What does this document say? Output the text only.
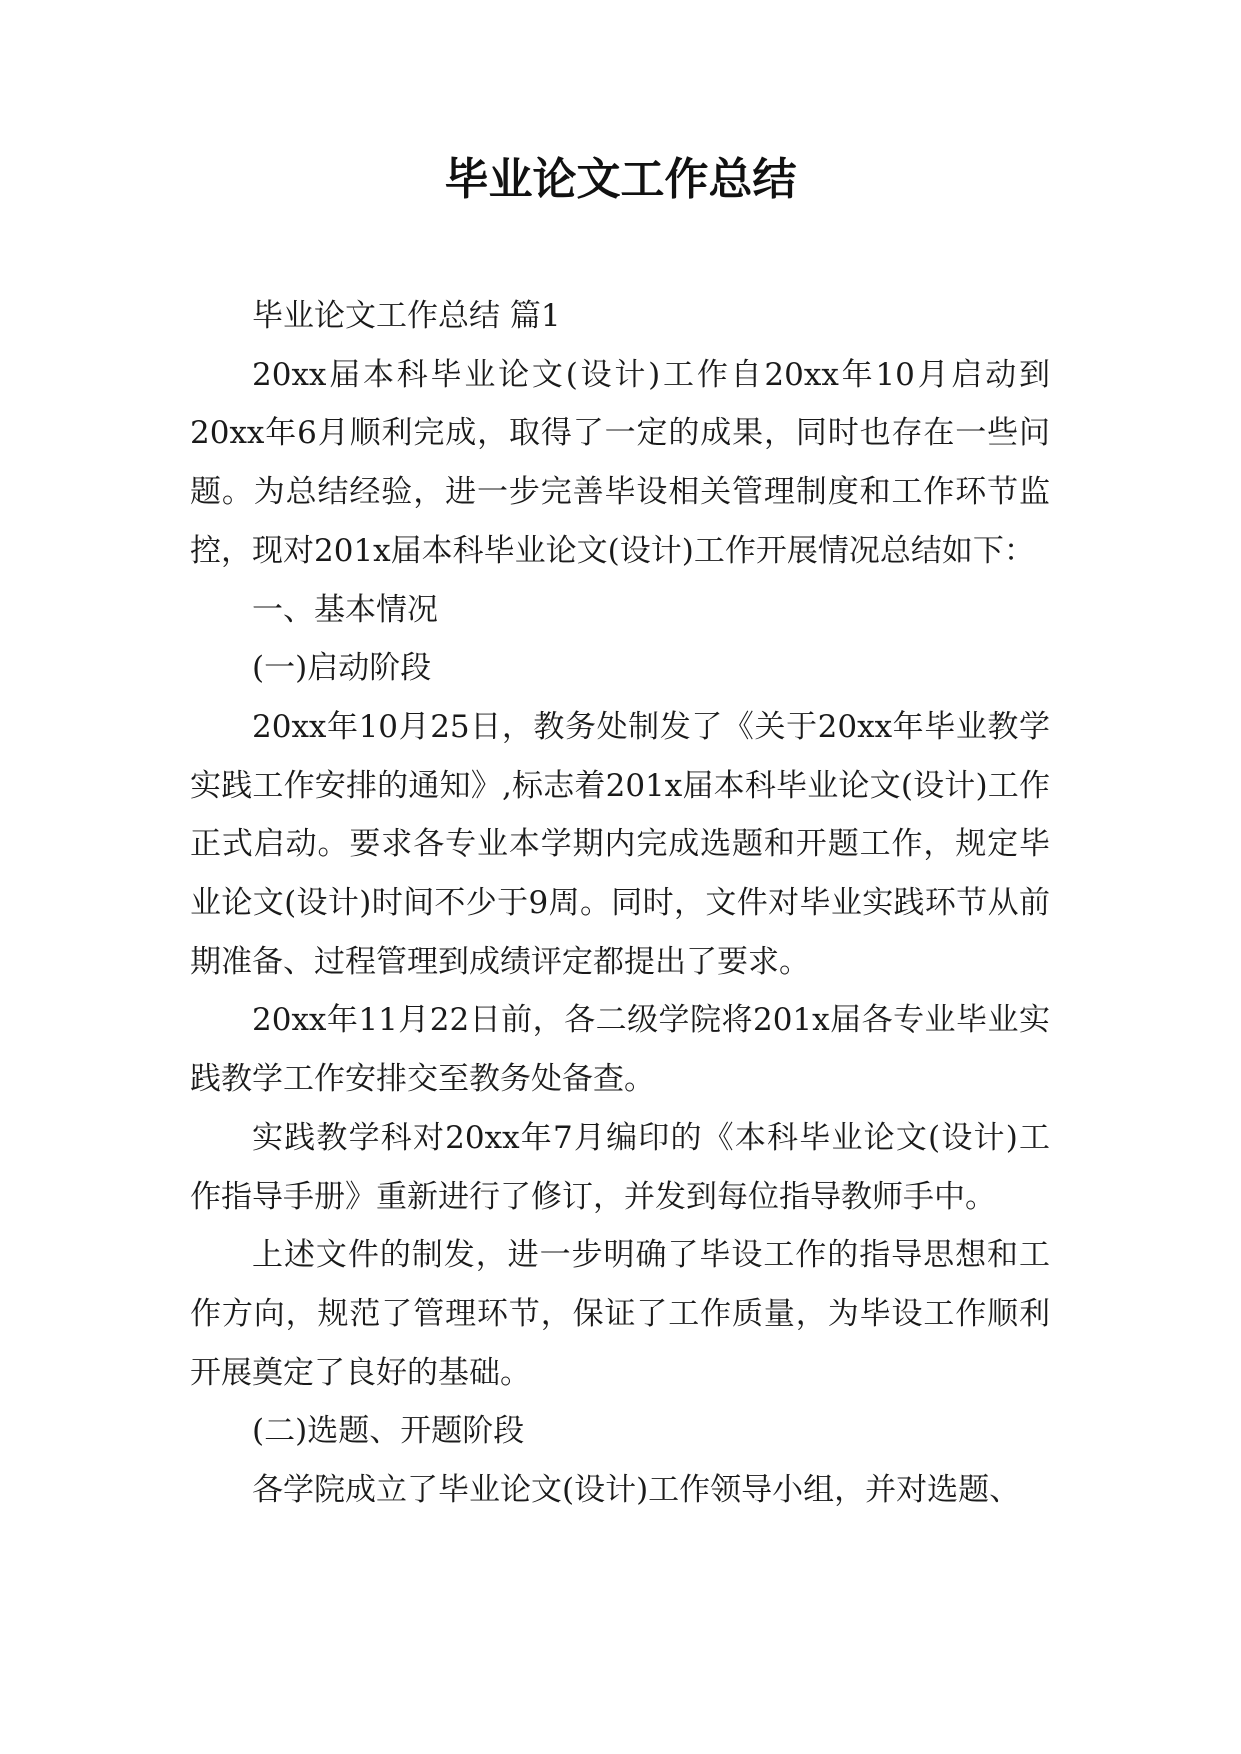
毕业论文工作总结

毕业论文工作总结 篇1

20xx届本科毕业论文(设计)工作自20xx年10月启动到20xx年6月顺利完成，取得了一定的成果，同时也存在一些问题。为总结经验，进一步完善毕设相关管理制度和工作环节监控，现对201x届本科毕业论文(设计)工作开展情况总结如下：

一、基本情况

(一)启动阶段

20xx年10月25日，教务处制发了《关于20xx年毕业教学实践工作安排的通知》,标志着201x届本科毕业论文(设计)工作正式启动。要求各专业本学期内完成选题和开题工作，规定毕业论文(设计)时间不少于9周。同时，文件对毕业实践环节从前期准备、过程管理到成绩评定都提出了要求。

20xx年11月22日前，各二级学院将201x届各专业毕业实践教学工作安排交至教务处备查。

实践教学科对20xx年7月编印的《本科毕业论文(设计)工作指导手册》重新进行了修订，并发到每位指导教师手中。

上述文件的制发，进一步明确了毕设工作的指导思想和工作方向，规范了管理环节，保证了工作质量，为毕设工作顺利开展奠定了良好的基础。

(二)选题、开题阶段

各学院成立了毕业论文(设计)工作领导小组，并对选题、
